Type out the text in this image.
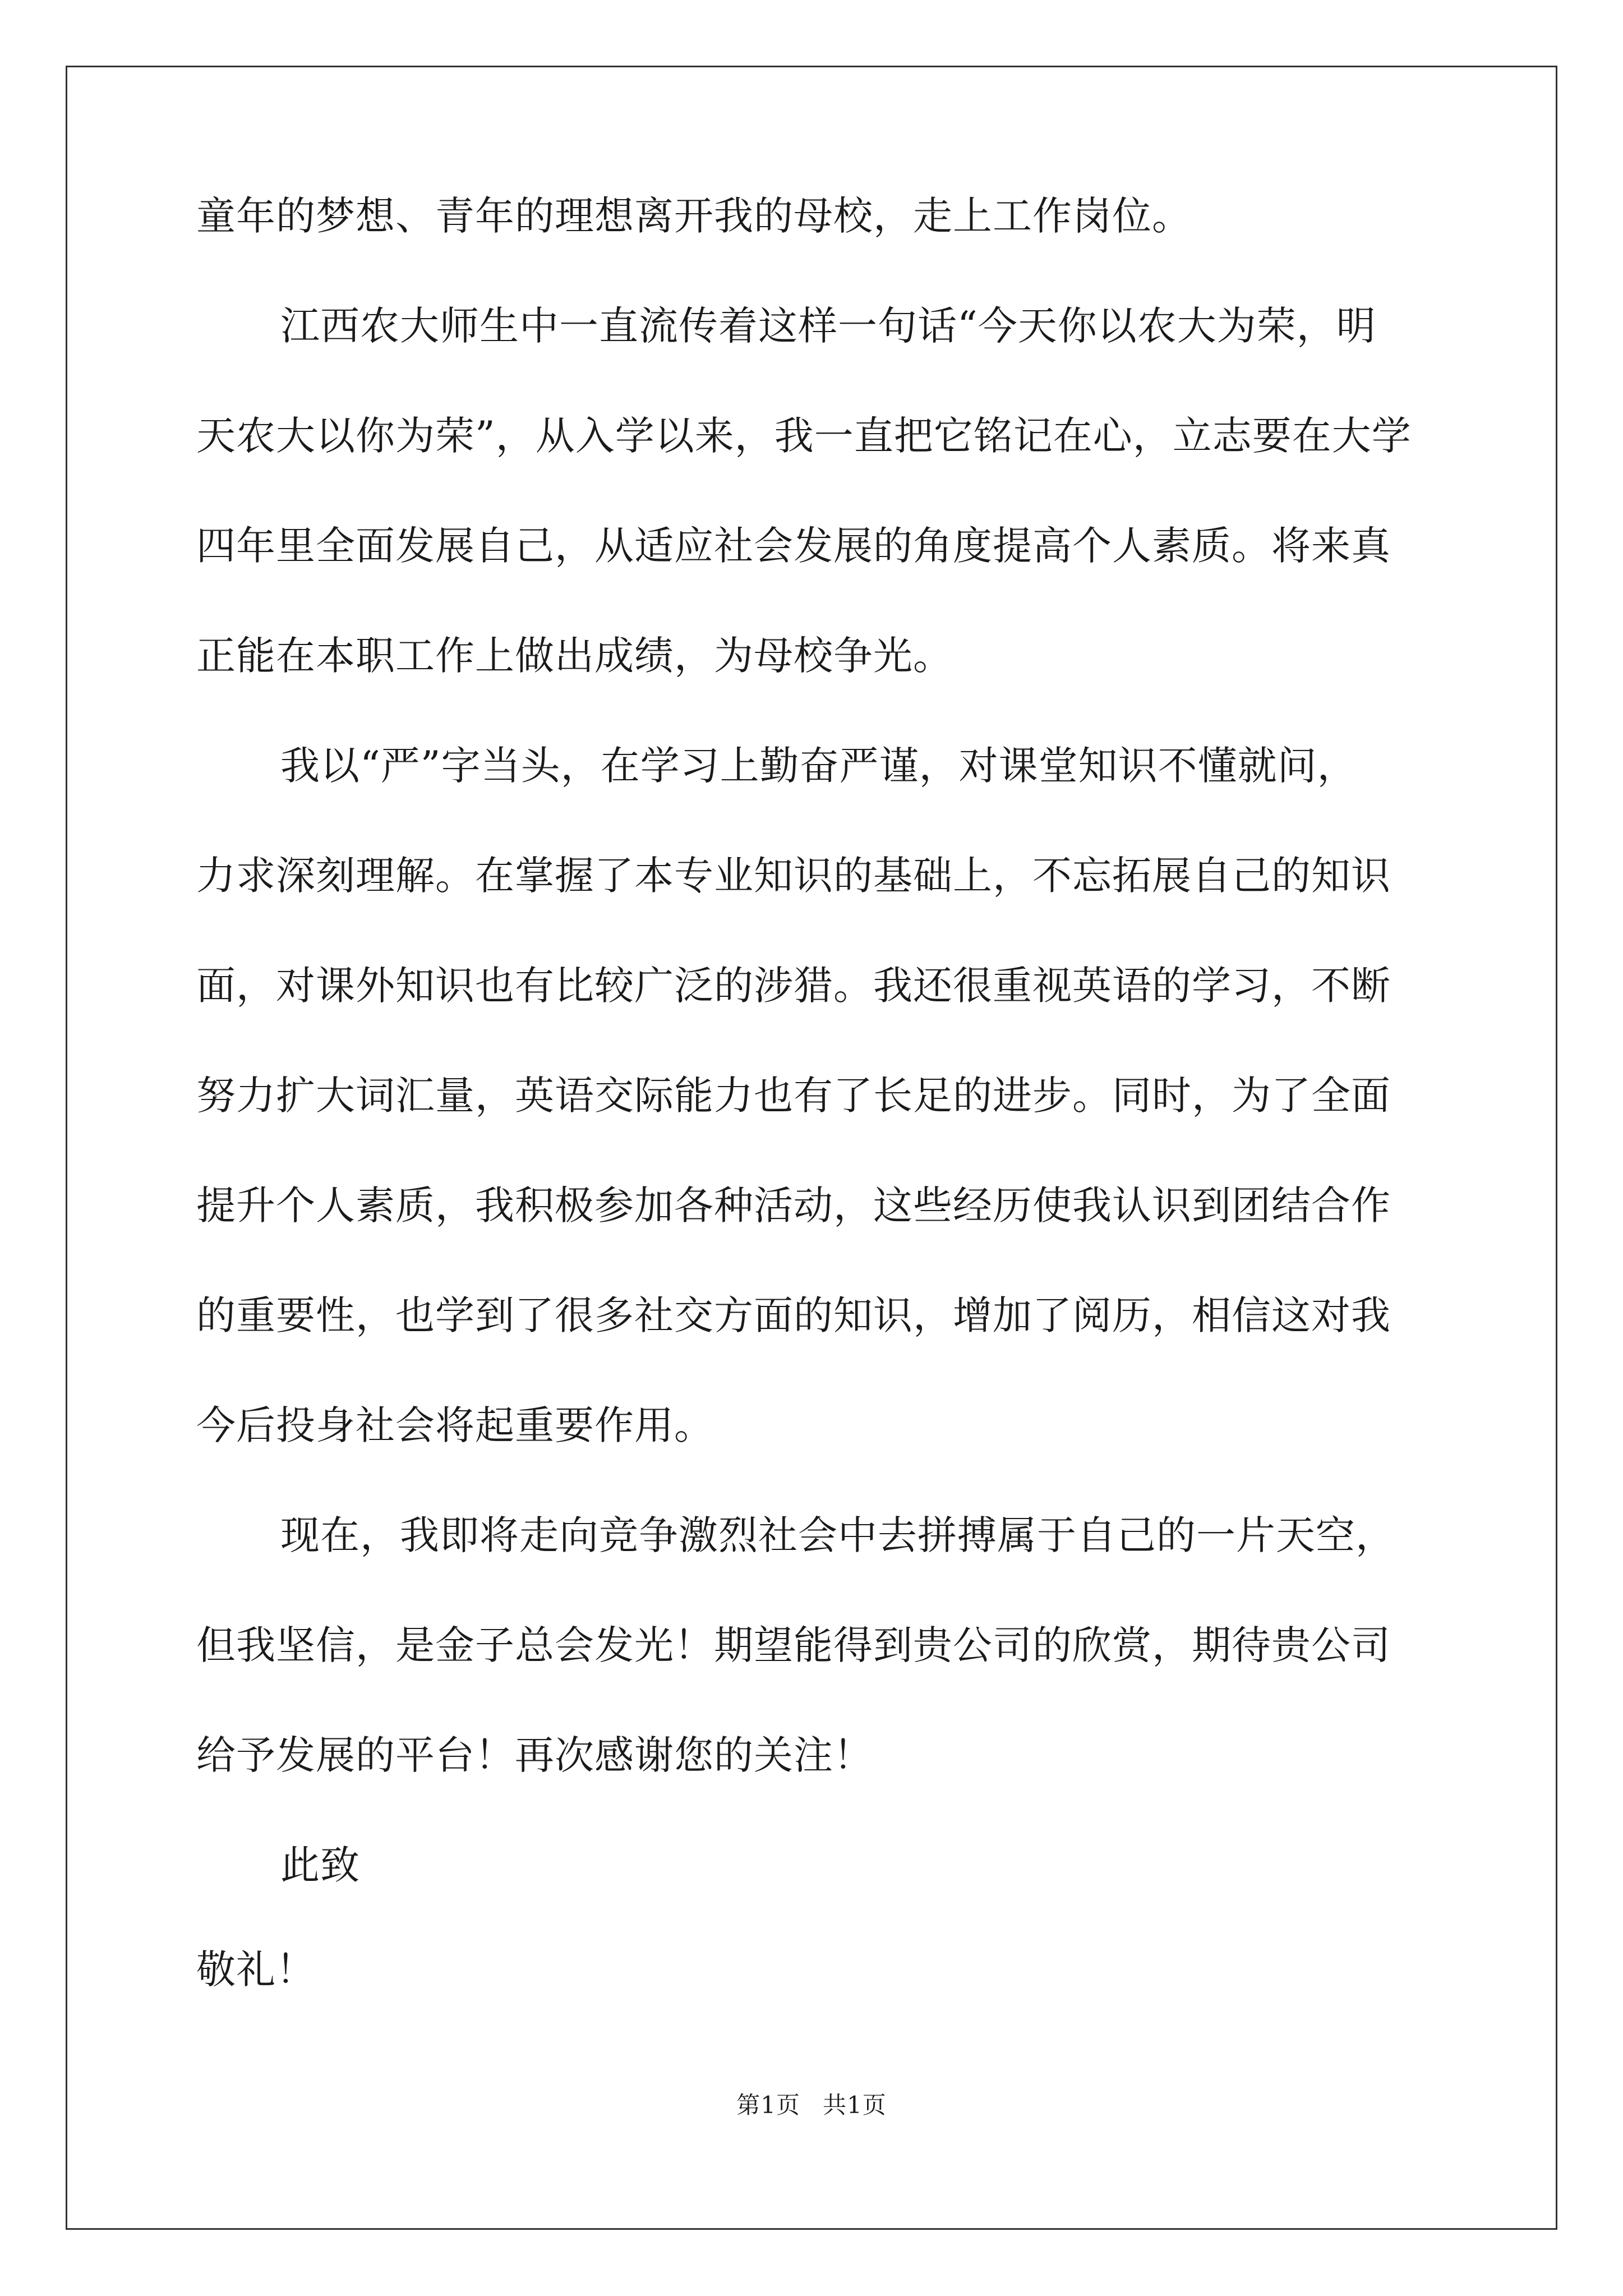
童年的梦想、青年的理想离开我的母校，走上工作岗位。
江西农大师生中一直流传着这样一句话“今天你以农大为荣，明
天农大以你为荣”，从入学以来，我一直把它铭记在心，立志要在大学
四年里全面发展自己，从适应社会发展的角度提高个人素质。将来真
正能在本职工作上做出成绩，为母校争光。
我以“严”字当头，在学习上勤奋严谨，对课堂知识不懂就问，
力求深刻理解。在掌握了本专业知识的基础上，不忘拓展自己的知识
面，对课外知识也有比较广泛的涉猎。我还很重视英语的学习，不断
努力扩大词汇量，英语交际能力也有了长足的进步。同时，为了全面
提升个人素质，我积极参加各种活动，这些经历使我认识到团结合作
的重要性，也学到了很多社交方面的知识，增加了阅历，相信这对我
今后投身社会将起重要作用。
现在，我即将走向竞争激烈社会中去拼搏属于自己的一片天空，
但我坚信，是金子总会发光！期望能得到贵公司的欣赏，期待贵公司
给予发展的平台！再次感谢您的关注！
此致
敬礼！
第1页 共1页
